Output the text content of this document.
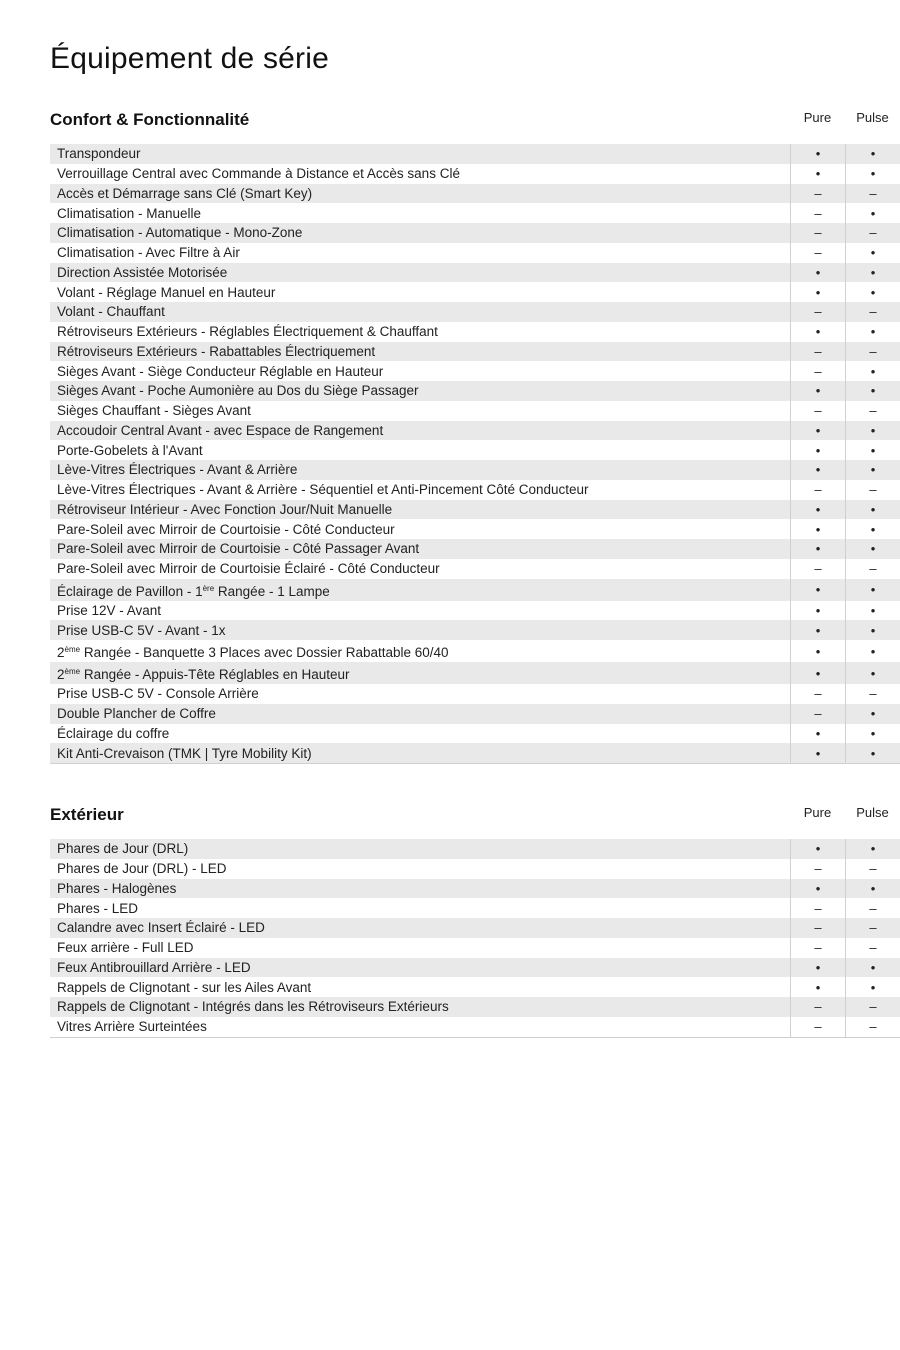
Équipement de série
Confort & Fonctionnalité	Pure	Pulse
Transpondeur	•	•
Verrouillage Central avec Commande à Distance et Accès sans Clé	•	•
Accès et Démarrage sans Clé (Smart Key)	–	–
Climatisation - Manuelle	–	•
Climatisation - Automatique - Mono-Zone	–	–
Climatisation - Avec Filtre à Air	–	•
Direction Assistée Motorisée	•	•
Volant - Réglage Manuel en Hauteur	•	•
Volant - Chauffant	–	–
Rétroviseurs Extérieurs - Réglables Électriquement & Chauffant	•	•
Rétroviseurs Extérieurs - Rabattables Électriquement	–	–
Sièges Avant - Siège Conducteur Réglable en Hauteur	–	•
Sièges Avant - Poche Aumonière au Dos du Siège Passager	•	•
Sièges Chauffant - Sièges Avant	–	–
Accoudoir Central Avant - avec Espace de Rangement	•	•
Porte-Gobelets à l'Avant	•	•
Lève-Vitres Électriques - Avant & Arrière	•	•
Lève-Vitres Électriques - Avant & Arrière - Séquentiel et Anti-Pincement Côté Conducteur	–	–
Rétroviseur Intérieur - Avec Fonction Jour/Nuit Manuelle	•	•
Pare-Soleil avec Mirroir de Courtoisie - Côté Conducteur	•	•
Pare-Soleil avec Mirroir de Courtoisie - Côté Passager Avant	•	•
Pare-Soleil avec Mirroir de Courtoisie Éclairé - Côté Conducteur	–	–
Éclairage de Pavillon - 1ère Rangée - 1 Lampe	•	•
Prise 12V - Avant	•	•
Prise USB-C 5V - Avant - 1x	•	•
2ème Rangée - Banquette 3 Places avec Dossier Rabattable 60/40	•	•
2ème Rangée - Appuis-Tête Réglables en Hauteur	•	•
Prise USB-C 5V - Console Arrière	–	–
Double Plancher de Coffre	–	•
Éclairage du coffre	•	•
Kit Anti-Crevaison (TMK | Tyre Mobility Kit)	•	•
Extérieur	Pure	Pulse
Phares de Jour (DRL)	•	•
Phares de Jour (DRL) - LED	–	–
Phares - Halogènes	•	•
Phares - LED	–	–
Calandre avec Insert Éclairé - LED	–	–
Feux arrière - Full LED	–	–
Feux Antibrouillard Arrière - LED	•	•
Rappels de Clignotant - sur les Ailes Avant	•	•
Rappels de Clignotant - Intégrés dans les Rétroviseurs Extérieurs	–	–
Vitres Arrière Surteintées	–	–
